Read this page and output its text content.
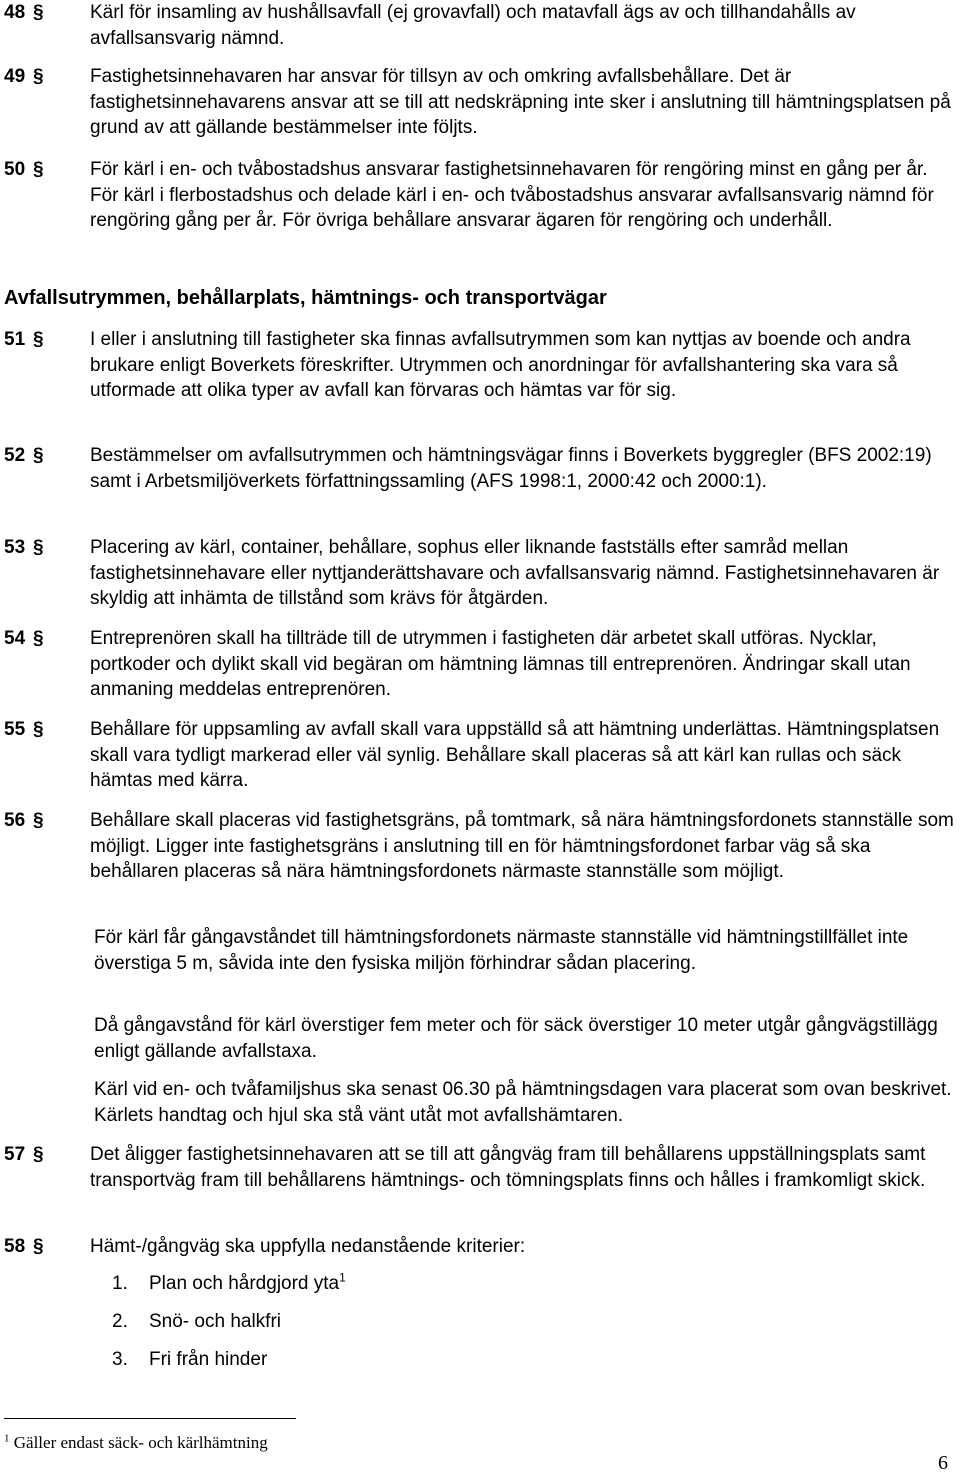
48 § Kärl för insamling av hushållsavfall (ej grovavfall) och matavfall ägs av och tillhandahålls av avfallsansvarig nämnd.
49 § Fastighetsinnehavaren har ansvar för tillsyn av och omkring avfallsbehållare. Det är fastighetsinnehavarens ansvar att se till att nedskräpning inte sker i anslutning till hämtningsplatsen på grund av att gällande bestämmelser inte följts.
50 § För kärl i en- och tvåbostadshus ansvarar fastighetsinnehavaren för rengöring minst en gång per år. För kärl i flerbostadshus och delade kärl i en- och tvåbostadshus ansvarar avfallsansvarig nämnd för rengöring gång per år. För övriga behållare ansvarar ägaren för rengöring och underhåll.
Avfallsutrymmen, behållarplats, hämtnings- och transportvägar
51 § I eller i anslutning till fastigheter ska finnas avfallsutrymmen som kan nyttjas av boende och andra brukare enligt Boverkets föreskrifter. Utrymmen och anordningar för avfallshantering ska vara så utformade att olika typer av avfall kan förvaras och hämtas var för sig.
52 § Bestämmelser om avfallsutrymmen och hämtningsvägar finns i Boverkets byggregler (BFS 2002:19) samt i Arbetsmiljöverkets författningssamling (AFS 1998:1, 2000:42 och 2000:1).
53 § Placering av kärl, container, behållare, sophus eller liknande fastställs efter samråd mellan fastighetsinnehavare eller nyttjanderättshavare och avfallsansvarig nämnd. Fastighetsinnehavaren är skyldig att inhämta de tillstånd som krävs för åtgärden.
54 § Entreprenören skall ha tillträde till de utrymmen i fastigheten där arbetet skall utföras. Nycklar, portkoder och dylikt skall vid begäran om hämtning lämnas till entreprenören. Ändringar skall utan anmaning meddelas entreprenören.
55 § Behållare för uppsamling av avfall skall vara uppställd så att hämtning underlättas. Hämtningsplatsen skall vara tydligt markerad eller väl synlig. Behållare skall placeras så att kärl kan rullas och säck hämtas med kärra.
56 § Behållare skall placeras vid fastighetsgräns, på tomtmark, så nära hämtningsfordonets stannställe som möjligt. Ligger inte fastighetsgräns i anslutning till en för hämtningsfordonet farbar väg så ska behållaren placeras så nära hämtningsfordonets närmaste stannställe som möjligt.
För kärl får gångavståndet till hämtningsfordonets närmaste stannställe vid hämtningstillfället inte överstiga 5 m, såvida inte den fysiska miljön förhindrar sådan placering.
Då gångavstånd för kärl överstiger fem meter och för säck överstiger 10 meter utgår gångvägstillägg enligt gällande avfallstaxa.
Kärl vid en- och tvåfamiljshus ska senast 06.30 på hämtningsdagen vara placerat som ovan beskrivet. Kärlets handtag och hjul ska stå vänt utåt mot avfallshämtaren.
57 § Det åligger fastighetsinnehavaren att se till att gångväg fram till behållarens uppställningsplats samt transportväg fram till behållarens hämtnings- och tömningsplats finns och hålles i framkomligt skick.
58 § Hämt-/gångväg ska uppfylla nedanstående kriterier:
1. Plan och hårdgjord yta$^1$
2. Snö- och halkfri
3. Fri från hinder
$^1$ Gäller endast säck- och kärlhämtning
6
